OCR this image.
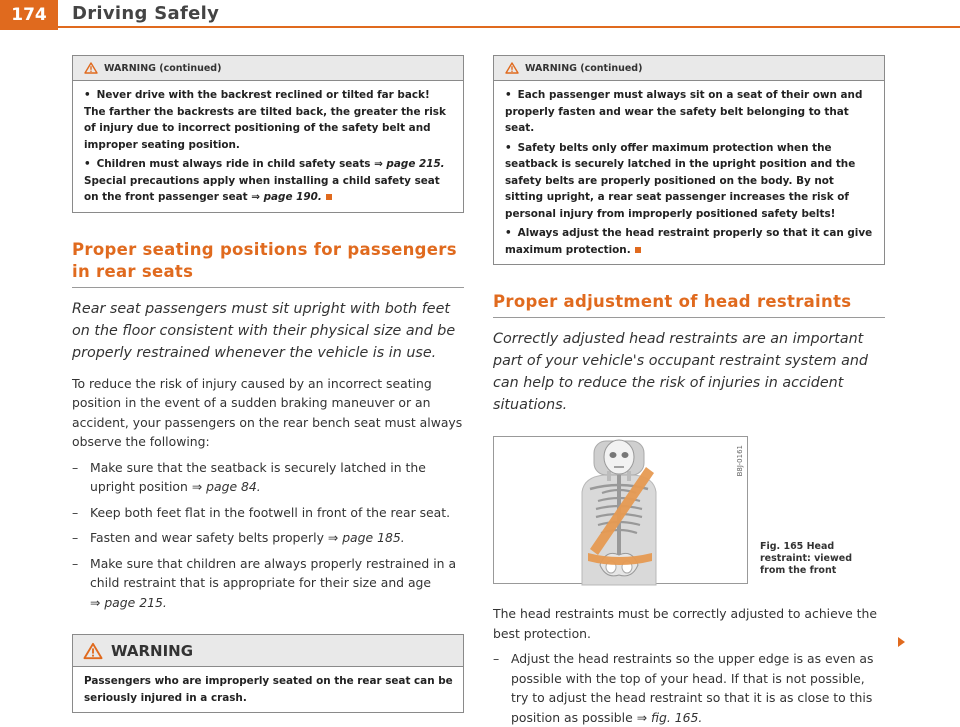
174	Driving Safely
WARNING (continued)

• Never drive with the backrest reclined or tilted far back! The farther the backrests are tilted back, the greater the risk of injury due to incorrect positioning of the safety belt and improper seating position.

• Children must always ride in child safety seats ⇒ page 215. Special precautions apply when installing a child safety seat on the front passenger seat ⇒ page 190.

Proper seating positions for passengers in rear seats

Rear seat passengers must sit upright with both feet on the floor consistent with their physical size and be properly restrained whenever the vehicle is in use.

To reduce the risk of injury caused by an incorrect seating position in the event of a sudden braking maneuver or an accident, your passengers on the rear bench seat must always observe the following:

– Make sure that the seatback is securely latched in the upright position ⇒ page 84.
– Keep both feet flat in the footwell in front of the rear seat.
– Fasten and wear safety belts properly ⇒ page 185.
– Make sure that children are always properly restrained in a child restraint that is appropriate for their size and age
⇒ page 215.
WARNING

Passengers who are improperly seated on the rear seat can be seriously injured in a crash.

WARNING (continued)

• Each passenger must always sit on a seat of their own and properly fasten and wear the safety belt belonging to that seat.

• Safety belts only offer maximum protection when the seatback is securely latched in the upright position and the safety belts are properly positioned on the body. By not sitting upright, a rear seat passenger increases the risk of personal injury from improperly positioned safety belts!

• Always adjust the head restraint properly so that it can give maximum protection.

Proper adjustment of head restraints

Correctly adjusted head restraints are an important part of your vehicle's occupant restraint system and can help to reduce the risk of injuries in accident situations.

B8J-0161
Fig. 165 Head restraint: viewed from the front

The head restraints must be correctly adjusted to achieve the best protection.

– Adjust the head restraints so the upper edge is as even as possible with the top of your head. If that is not possible, try to adjust the head restraint so that it is as close to this position as possible ⇒ fig. 165.
